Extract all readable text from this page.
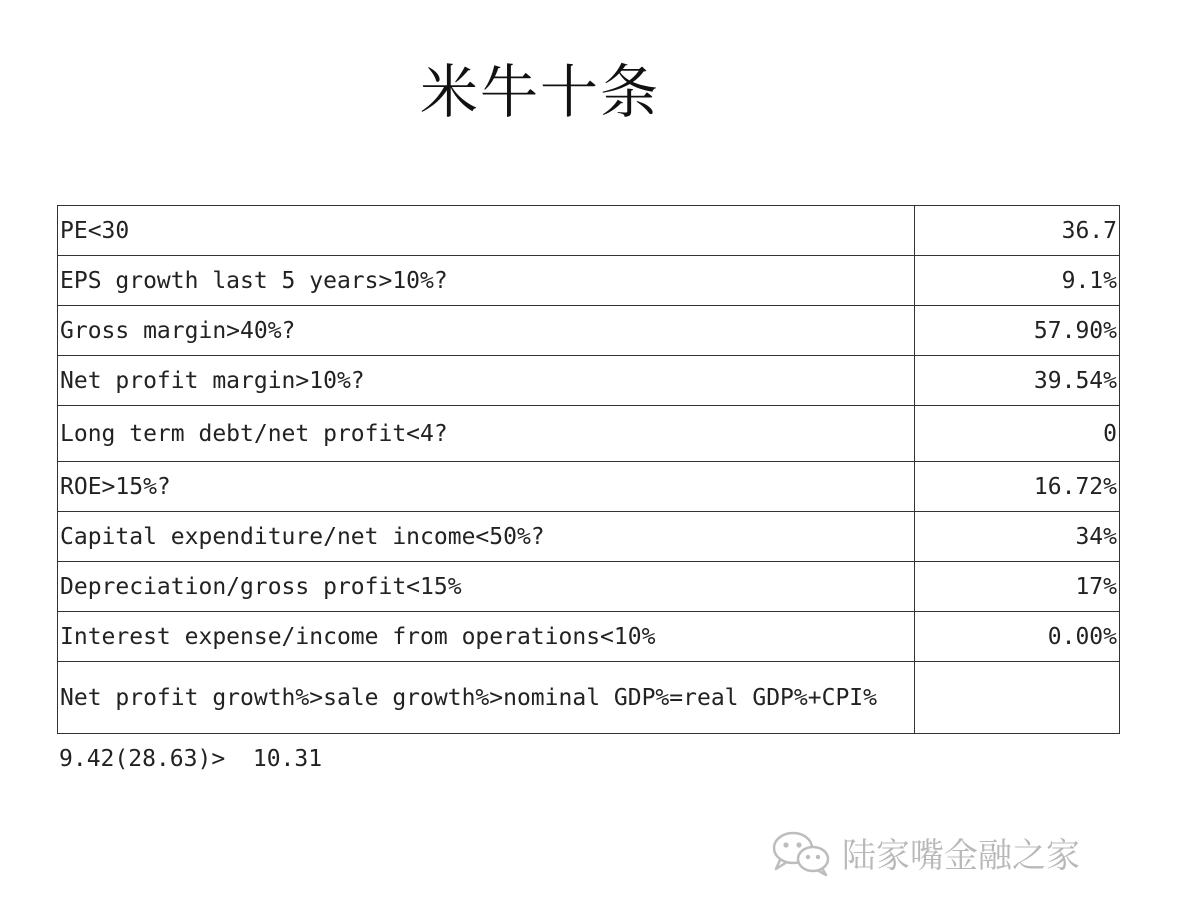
米牛十条
PE<30	36.7
EPS growth last 5 years>10%?	9.1%
Gross margin>40%?	57.90%
Net profit margin>10%?	39.54%
Long term debt/net profit<4?	0
ROE>15%?	16.72%
Capital expenditure/net income<50%?	34%
Depreciation/gross profit<15%	17%
Interest expense/income from operations<10%	0.00%
Net profit growth%>sale growth%>nominal GDP%=real GDP%+CPI%	
9.42(28.63)>  10.31
陆家嘴金融之家
